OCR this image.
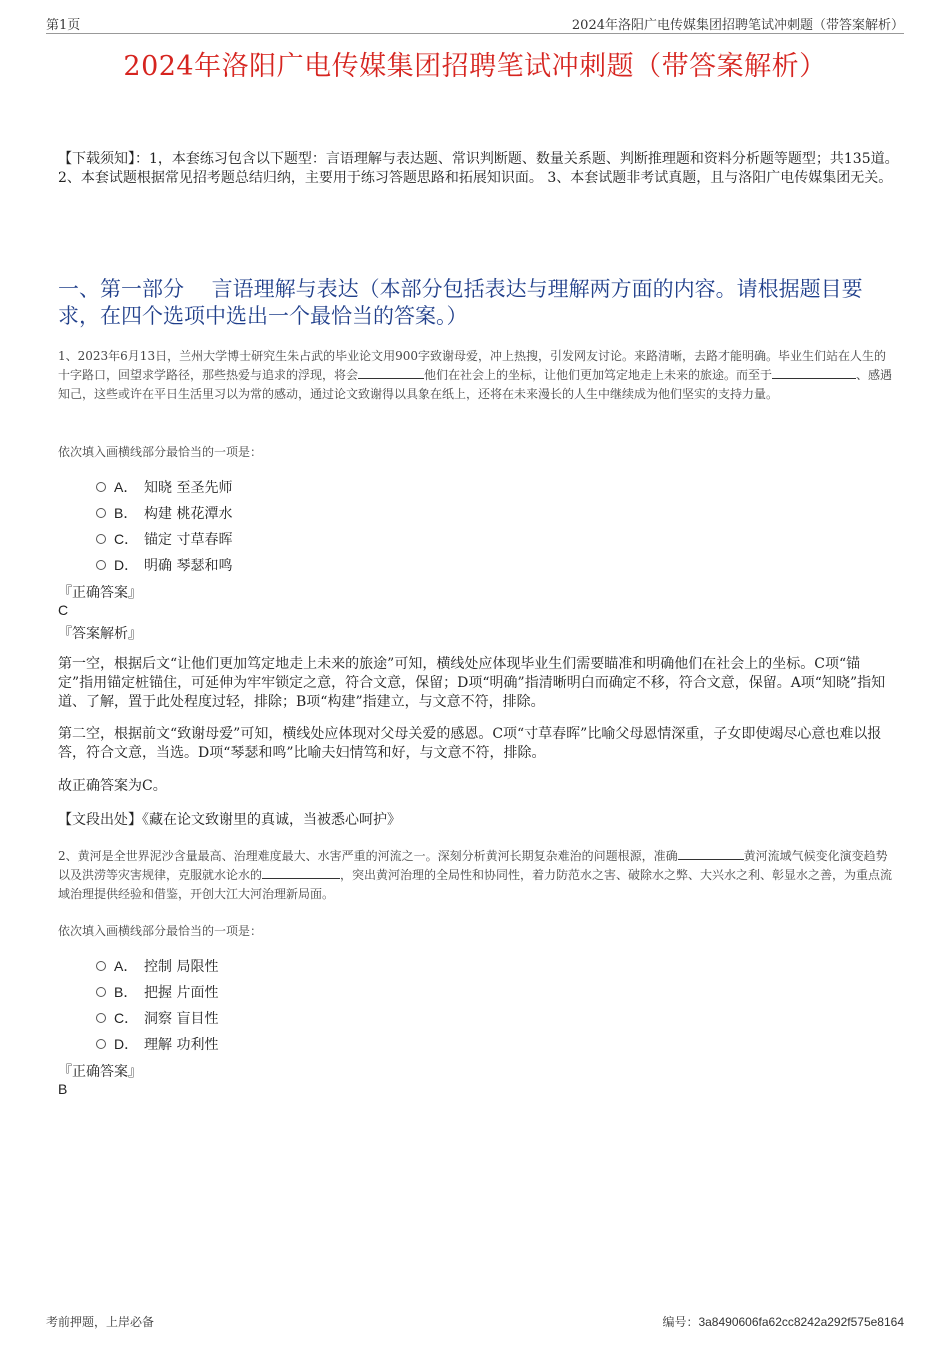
第1页	2024年洛阳广电传媒集团招聘笔试冲刺题（带答案解析）
2024年洛阳广电传媒集团招聘笔试冲刺题（带答案解析）
【下载须知】：1，本套练习包含以下题型：言语理解与表达题、常识判断题、数量关系题、判断推理题和资料分析题等题型；共135道。 2、本套试题根据常见招考题总结归纳，主要用于练习答题思路和拓展知识面。 3、本套试题非考试真题，且与洛阳广电传媒集团无关。
一、第一部分　 言语理解与表达（本部分包括表达与理解两方面的内容。请根据题目要求，在四个选项中选出一个最恰当的答案。）
1、2023年6月13日，兰州大学博士研究生朱占武的毕业论文用900字致谢母爱，冲上热搜，引发网友讨论。来路清晰，去路才能明确。毕业生们站在人生的十字路口，回望求学路径，那些热爱与追求的浮现，将会	他们在社会上的坐标，让他们更加笃定地走上未来的旅途。而至于	、感遇知己，这些或许在平日生活里习以为常的感动，通过论文致谢得以具象在纸上，还将在未来漫长的人生中继续成为他们坚实的支持力量。
依次填入画横线部分最恰当的一项是：
A． 知晓 至圣先师
B． 构建 桃花潭水
C． 锚定 寸草春晖
D． 明确 琴瑟和鸣
『正确答案』
C
『答案解析』
第一空，根据后文“让他们更加笃定地走上未来的旅途”可知，横线处应体现毕业生们需要瞄准和明确他们在社会上的坐标。C项“锚定”指用锚定桩锚住，可延伸为牢牢锁定之意，符合文意，保留；D项“明确”指清晰明白而确定不移，符合文意，保留。A项“知晓”指知道、了解，置于此处程度过轻，排除；B项“构建”指建立，与文意不符，排除。
第二空，根据前文“致谢母爱”可知，横线处应体现对父母关爱的感恩。C项“寸草春晖”比喻父母恩情深重，子女即使竭尽心意也难以报答，符合文意，当选。D项“琴瑟和鸣”比喻夫妇情笃和好，与文意不符，排除。
故正确答案为C。
【文段出处】《藏在论文致谢里的真诚，当被悉心呵护》
2、黄河是全世界泥沙含量最高、治理难度最大、水害严重的河流之一。深刻分析黄河长期复杂难治的问题根源，准确	黄河流域气候变化演变趋势以及洪涝等灾害规律，克服就水论水的	，突出黄河治理的全局性和协同性，着力防范水之害、破除水之弊、大兴水之利、彰显水之善，为重点流域治理提供经验和借鉴，开创大江大河治理新局面。
依次填入画横线部分最恰当的一项是：
A． 控制 局限性
B． 把握 片面性
C． 洞察 盲目性
D． 理解 功利性
『正确答案』
B
考前押题，上岸必备	编号：3a8490606fa62cc8242a292f575e8164
